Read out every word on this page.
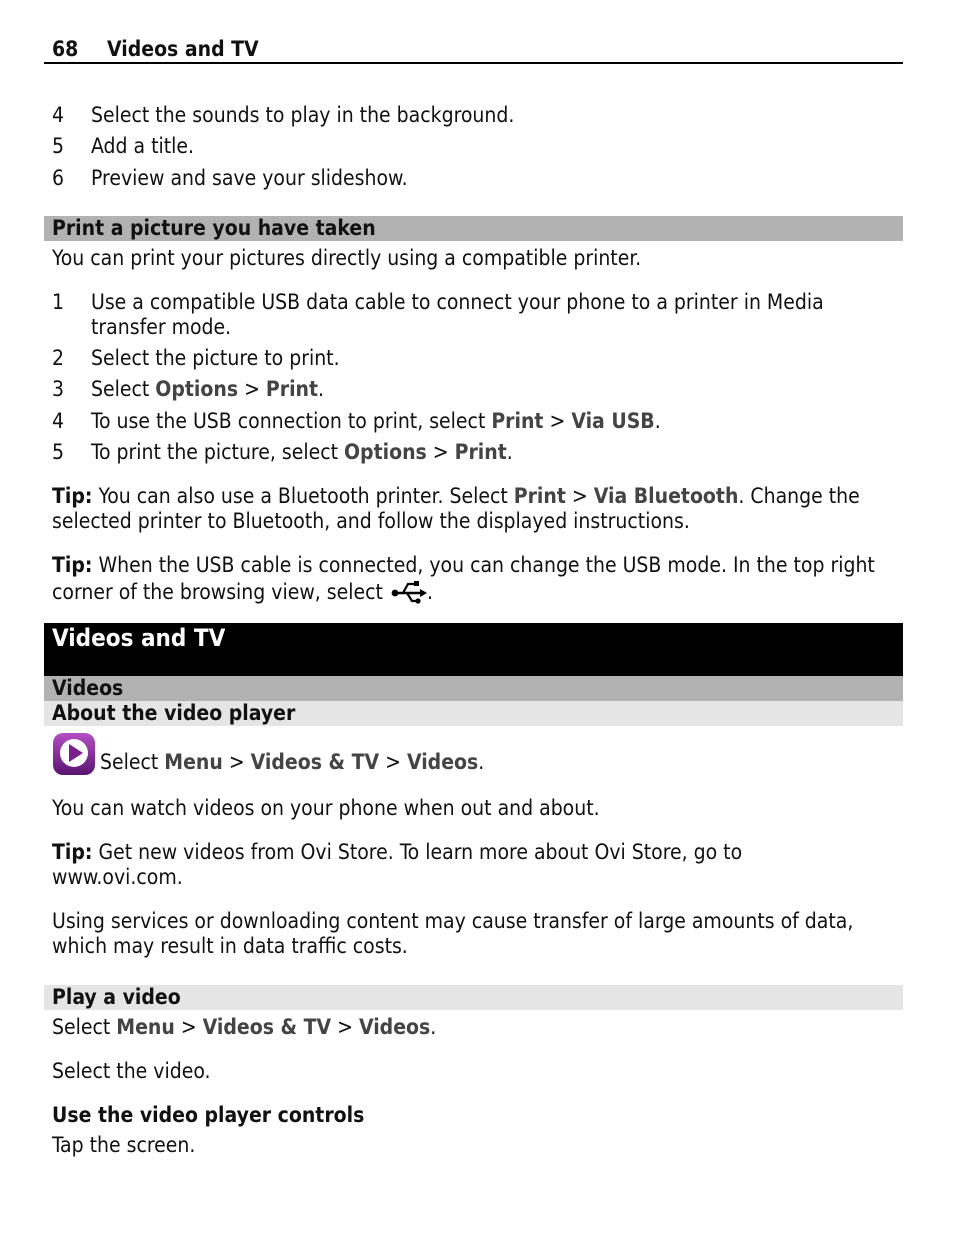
68 Videos and TV
4 Select the sounds to play in the background.
5 Add a title.
6 Preview and save your slideshow.
Print a picture you have taken
You can print your pictures directly using a compatible printer.
1 Use a compatible USB data cable to connect your phone to a printer in Media transfer mode.
2 Select the picture to print.
3 Select Options > Print.
4 To use the USB connection to print, select Print > Via USB.
5 To print the picture, select Options > Print.
Tip: You can also use a Bluetooth printer. Select Print > Via Bluetooth. Change the
selected printer to Bluetooth, and follow the displayed instructions.
Tip: When the USB cable is connected, you can change the USB mode. In the top right
corner of the browsing view, select .
Videos and TV
Videos
About the video player
Select Menu > Videos & TV > Videos.
You can watch videos on your phone when out and about.
Tip: Get new videos from Ovi Store. To learn more about Ovi Store, go to
www.ovi.com.
Using services or downloading content may cause transfer of large amounts of data,
which may result in data traffic costs.
Play a video
Select Menu > Videos & TV > Videos.
Select the video.
Use the video player controls
Tap the screen.
